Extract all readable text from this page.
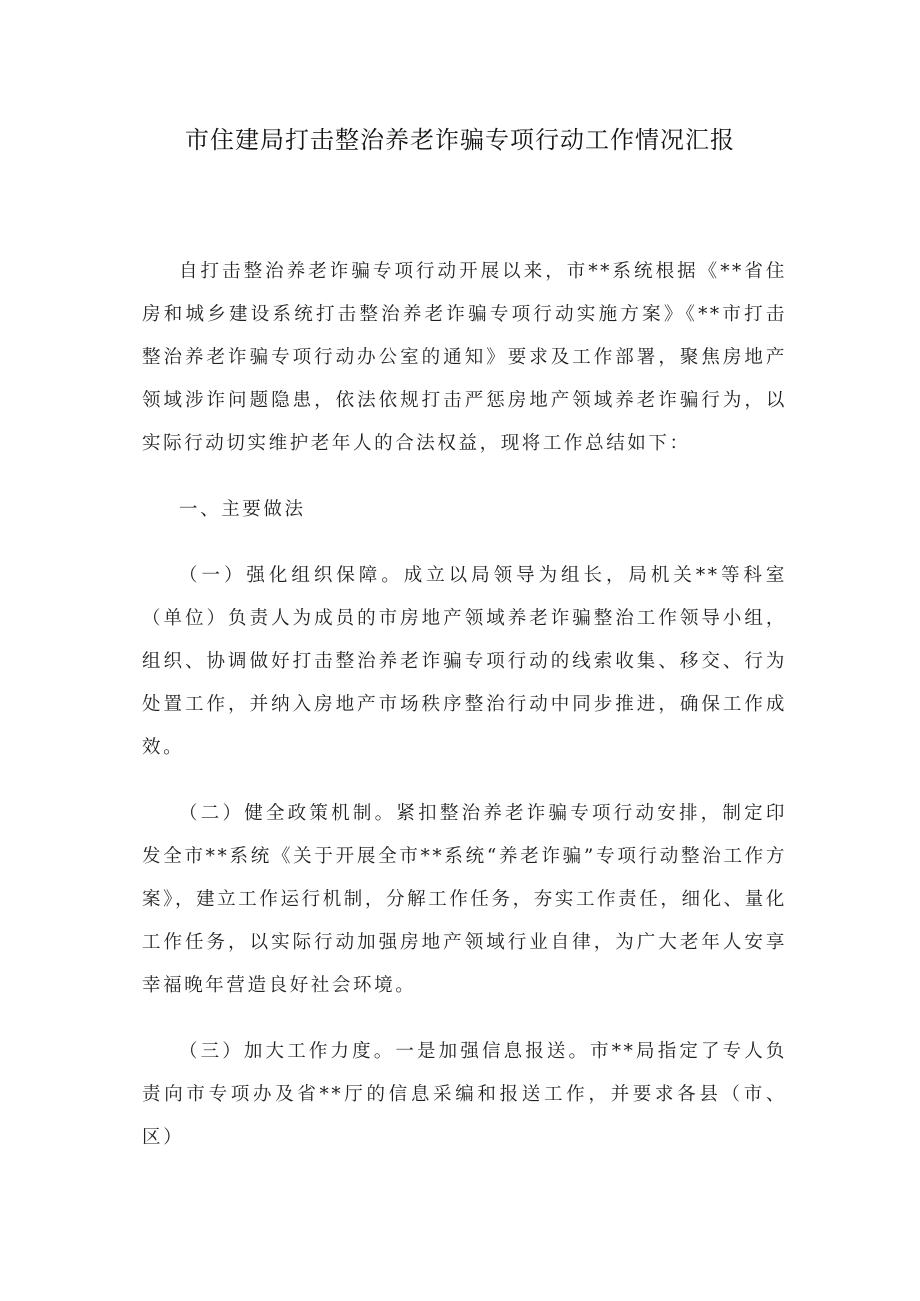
市住建局打击整治养老诈骗专项行动工作情况汇报

自打击整治养老诈骗专项行动开展以来，市**系统根据《**省住房和城乡建设系统打击整治养老诈骗专项行动实施方案》《**市打击整治养老诈骗专项行动办公室的通知》要求及工作部署，聚焦房地产领域涉诈问题隐患，依法依规打击严惩房地产领域养老诈骗行为，以实际行动切实维护老年人的合法权益，现将工作总结如下：

一、主要做法

（一）强化组织保障。成立以局领导为组长，局机关**等科室（单位）负责人为成员的市房地产领域养老诈骗整治工作领导小组，组织、协调做好打击整治养老诈骗专项行动的线索收集、移交、行为处置工作，并纳入房地产市场秩序整治行动中同步推进，确保工作成效。

（二）健全政策机制。紧扣整治养老诈骗专项行动安排，制定印发全市**系统《关于开展全市**系统“养老诈骗”专项行动整治工作方案》，建立工作运行机制，分解工作任务，夯实工作责任，细化、量化工作任务，以实际行动加强房地产领域行业自律，为广大老年人安享幸福晚年营造良好社会环境。

（三）加大工作力度。一是加强信息报送。市**局指定了专人负责向市专项办及省**厅的信息采编和报送工作，并要求各县（市、区）
